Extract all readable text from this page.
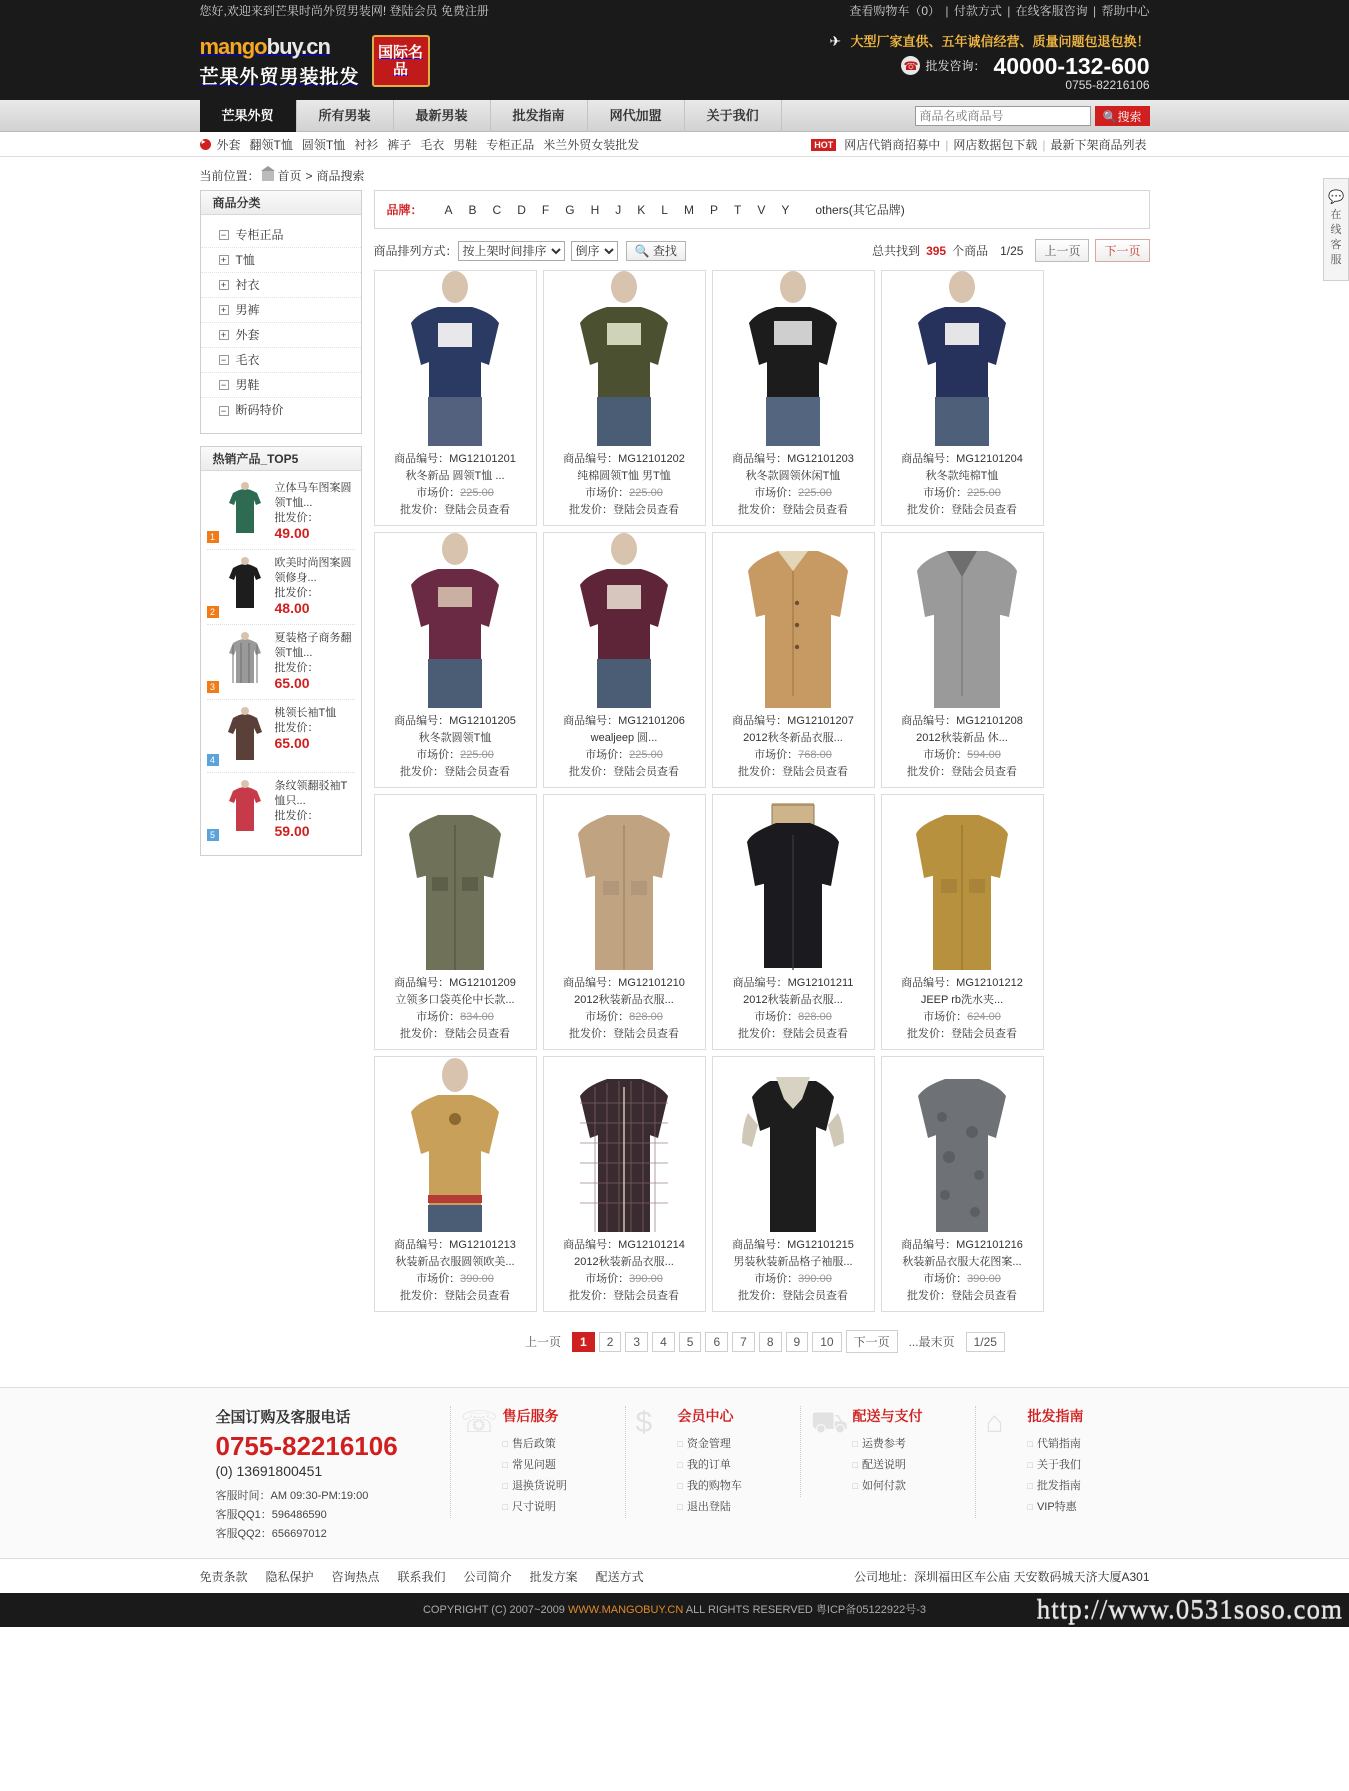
您好,欢迎来到芒果时尚外贸男装网! 登陆会员 免费注册	查看购物车（0） | 付款方式 | 在线客服咨询 | 帮助中心
mangobuy.cn
芒果外贸男装批发
国际名品
✈ 大型厂家直供、五年诚信经营、质量问题包退包换！
☎ 批发咨询： 40000-132-600
0755-82216106
芒果外贸	所有男装	最新男装	批发指南	网代加盟	关于我们
商品名或商品号	🔍搜索
▸
外套 翻领T恤 圆领T恤 衬衫 裤子 毛衣 男鞋 专柜正品 米兰外贸女装批发	HOT 网店代销商招募中 | 网店数据包下载 | 最新下架商品列表
当前位置： 首页 > 商品搜索
商品分类
− 专柜正品
+ T恤
+ 衬衣
+ 男裤
+ 外套
− 毛衣
− 男鞋
− 断码特价
热销产品_TOP5
1
立体马车图案圆领T恤...
批发价： 49.00
2
欧美时尚图案圆领修身...
批发价： 48.00
3
夏装格子商务翻领T恤...
批发价： 65.00
4
桃领长袖T恤
批发价： 65.00
5
条纹领翻驳袖T恤只...
批发价： 59.00
品牌： A B C D F G H J K L M P T V Y others(其它品牌)
商品排列方式：
按上架时间排序
倒序	🔍 查找	总共找到 395 个商品 1/25	上一页	下一页
商品编号：MG12101201
秋冬新品 圆领T恤 ...
市场价：225.00
批发价：登陆会员查看
商品编号：MG12101202
纯棉圆领T恤 男T恤
市场价：225.00
批发价：登陆会员查看
商品编号：MG12101203
秋冬款圆领休闲T恤
市场价：225.00
批发价：登陆会员查看
商品编号：MG12101204
秋冬款纯棉T恤
市场价：225.00
批发价：登陆会员查看
商品编号：MG12101205
秋冬款圆领T恤
市场价：225.00
批发价：登陆会员查看
商品编号：MG12101206
wealjeep 圆...
市场价：225.00
批发价：登陆会员查看
商品编号：MG12101207
2012秋冬新品衣服...
市场价：768.00
批发价：登陆会员查看
商品编号：MG12101208
2012秋装新品 休...
市场价：594.00
批发价：登陆会员查看
商品编号：MG12101209
立领多口袋英伦中长款...
市场价：834.00
批发价：登陆会员查看
商品编号：MG12101210
2012秋装新品衣服...
市场价：828.00
批发价：登陆会员查看
商品编号：MG12101211
2012秋装新品衣服...
市场价：828.00
批发价：登陆会员查看
商品编号：MG12101212
JEEP rb洗水夹...
市场价：624.00
批发价：登陆会员查看
商品编号：MG12101213
秋装新品衣服圆领欧美...
市场价：390.00
批发价：登陆会员查看
商品编号：MG12101214
2012秋装新品衣服...
市场价：390.00
批发价：登陆会员查看
商品编号：MG12101215
男装秋装新品格子袖服...
市场价：390.00
批发价：登陆会员查看
商品编号：MG12101216
秋装新品衣服大花图案...
市场价：390.00
批发价：登陆会员查看
上一页	1	2	3	4	5	6	7	8	9	10	下一页	...最末页	1/25
全国订购及客服电话
0755-82216106
(0) 13691800451
客服时间：AM 09:30-PM:19:00
客服QQ1：596486590
客服QQ2：656697012
☏ 售后服务
□ 售后政策
□ 常见问题
□ 退换货说明
□ 尺寸说明
$	会员中心
□ 资金管理
□ 我的订单
□ 我的购物车
□ 退出登陆
⛟ 配送与支付
□ 运费参考
□ 配送说明
□ 如何付款
⌂	批发指南
□ 代销指南
□ 关于我们
□ 批发指南
□ VIP特惠
免责条款 隐私保护 咨询热点 联系我们 公司简介 批发方案 配送方式	公司地址：深圳福田区车公庙 天安数码城天济大厦A301
COPYRIGHT (C) 2007~2009 WWW.MANGOBUY.CN ALL RIGHTS RESERVED 粤ICP备05122922号-3
💬
在线客服
http://www.0531soso.com
